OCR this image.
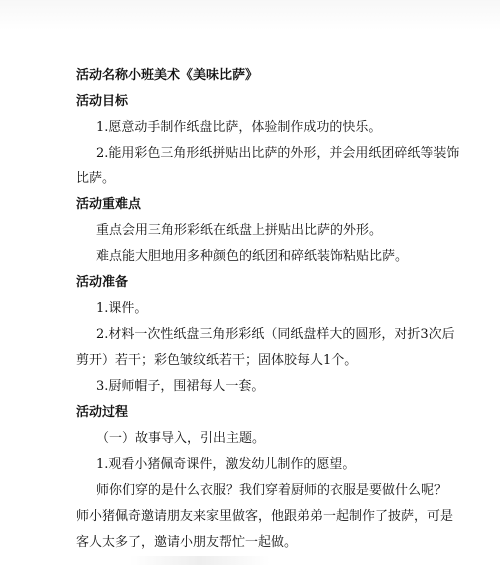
活动名称小班美术《美味比萨》
活动目标
1.愿意动手制作纸盘比萨，体验制作成功的快乐。
2.能用彩色三角形纸拼贴出比萨的外形，并会用纸团碎纸等装饰
比萨。
活动重难点
重点会用三角形彩纸在纸盘上拼贴出比萨的外形。
难点能大胆地用多种颜色的纸团和碎纸装饰粘贴比萨。
活动准备
1.课件。
2.材料一次性纸盘三角形彩纸（同纸盘样大的圆形，对折3次后
剪开）若干；彩色皱纹纸若干；固体胶每人1个。
3.厨师帽子，围裙每人一套。
活动过程
（一）故事导入，引出主题。
1.观看小猪佩奇课件，激发幼儿制作的愿望。
师你们穿的是什么衣服？我们穿着厨师的衣服是要做什么呢？
师小猪佩奇邀请朋友来家里做客，他跟弟弟一起制作了披萨，可是
客人太多了，邀请小朋友帮忙一起做。
